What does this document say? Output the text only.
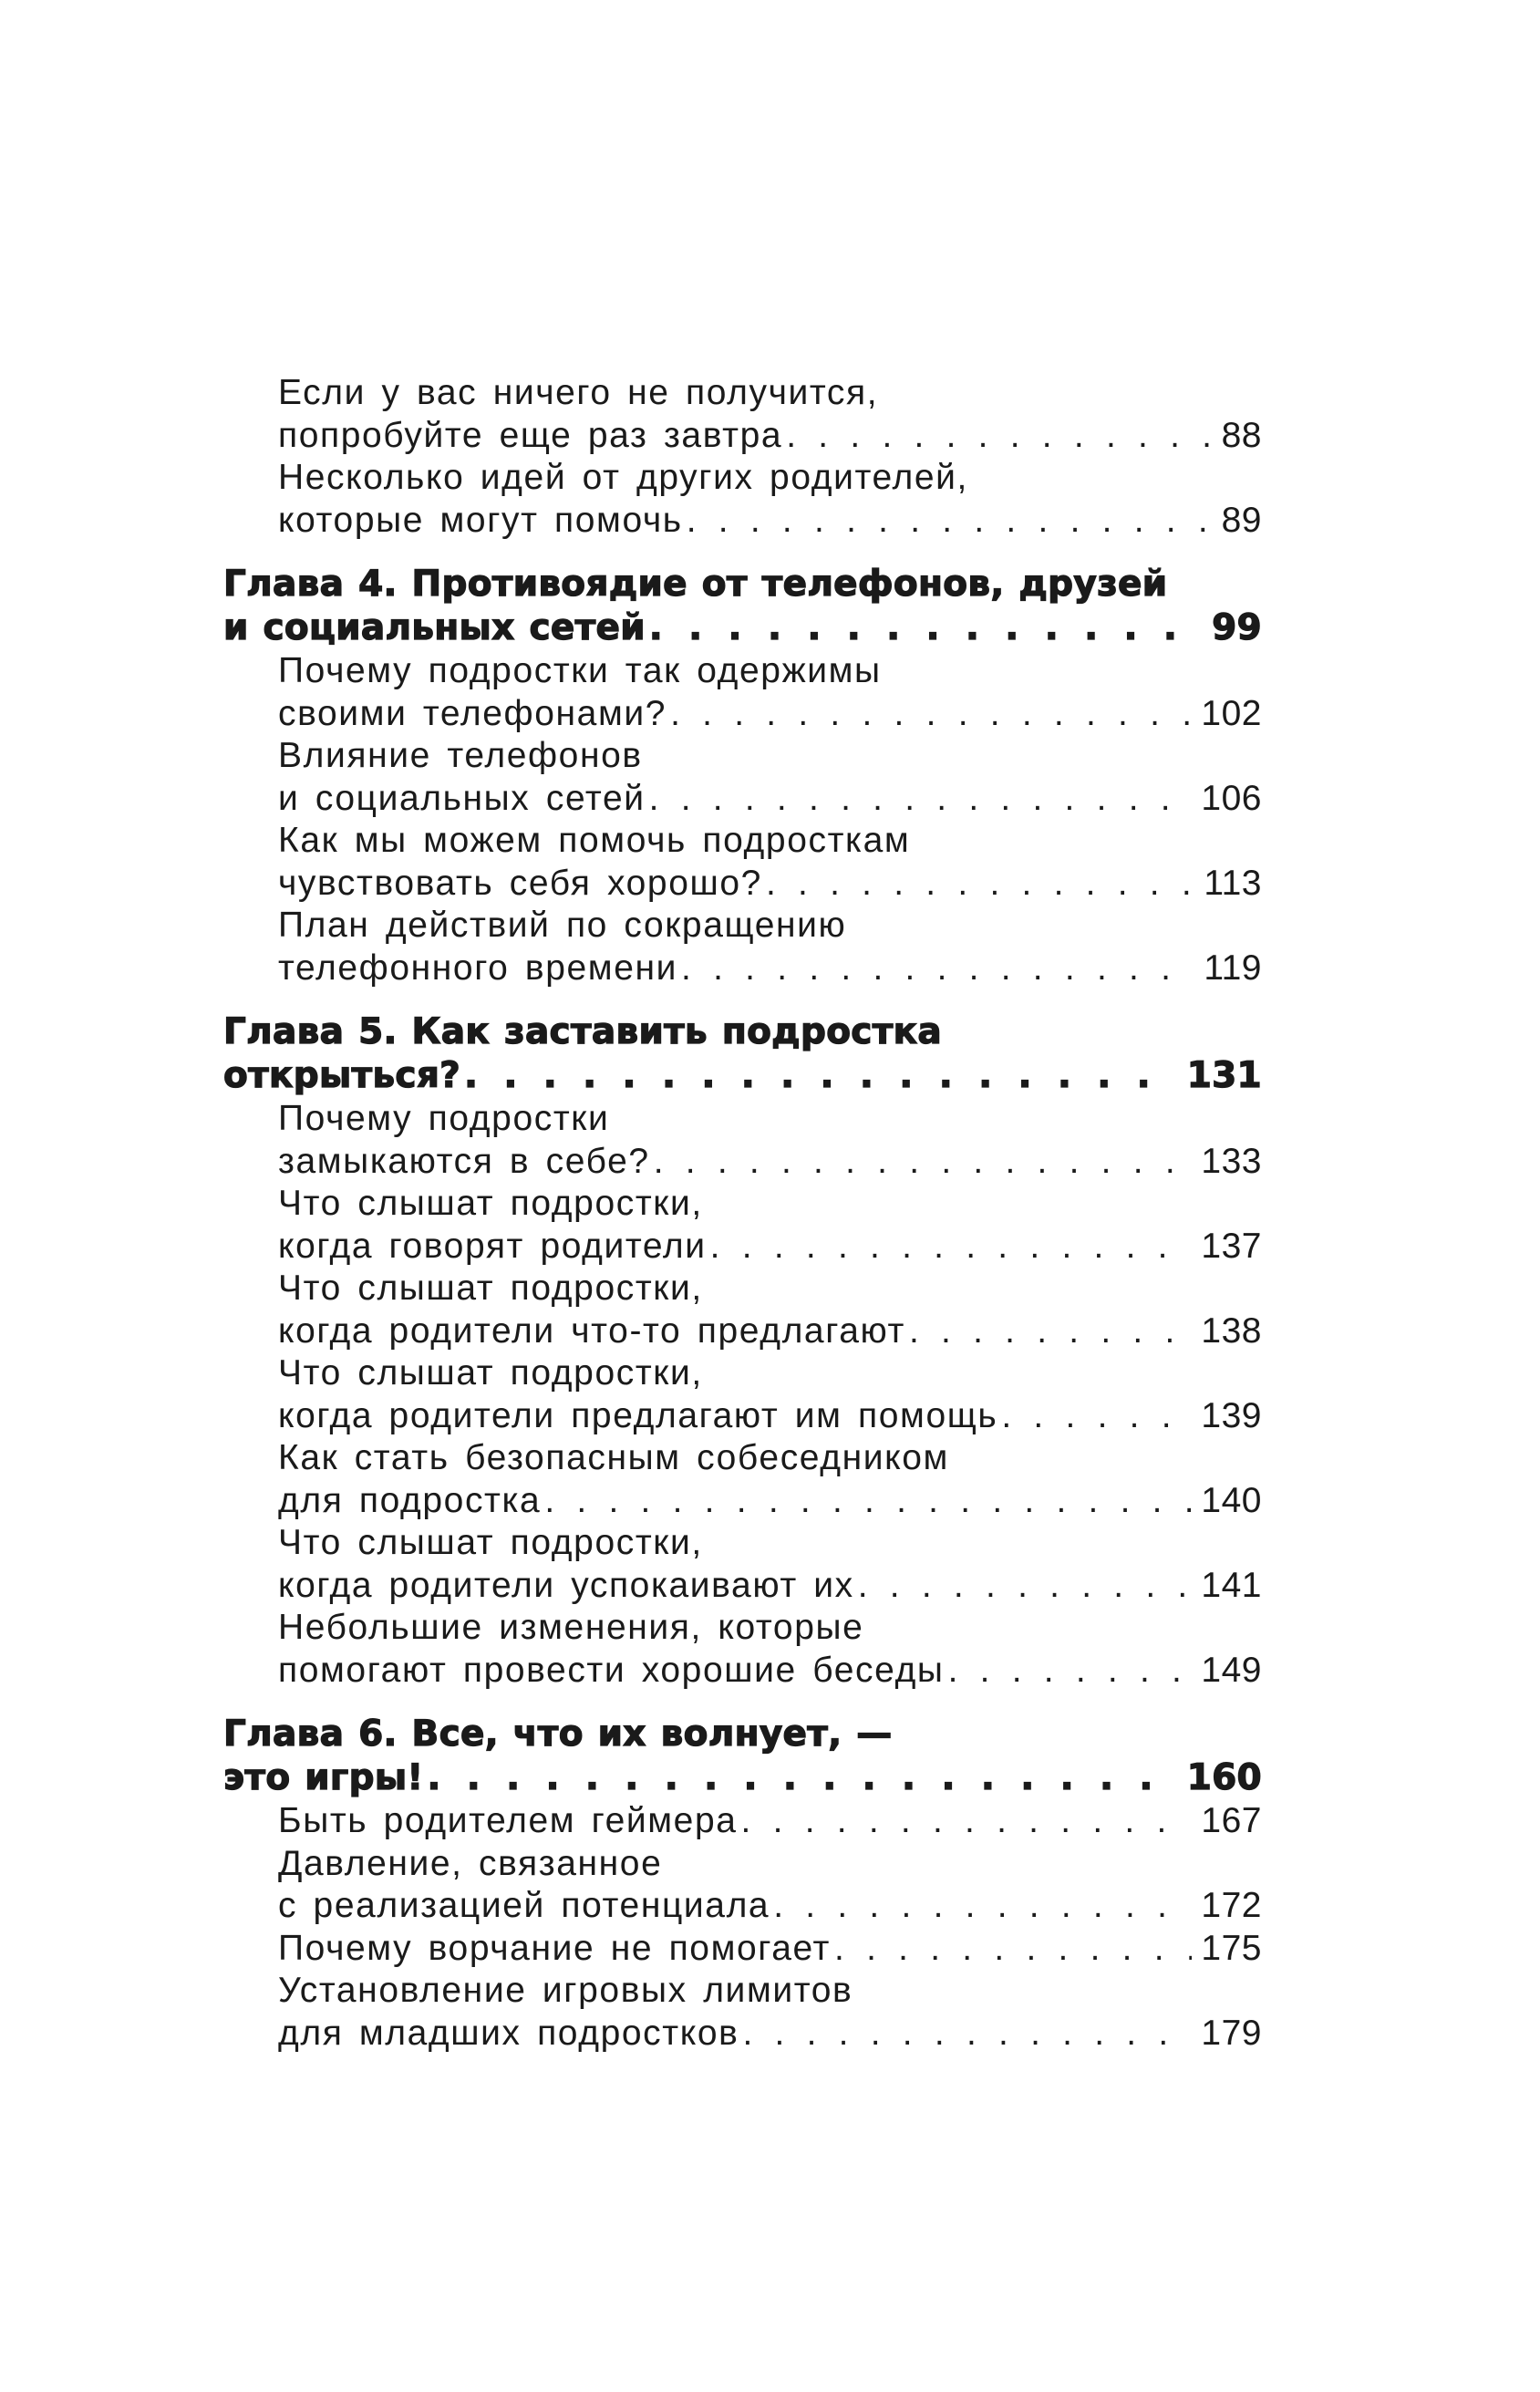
Если у вас ничего не получится,
попробуйте еще раз завтра . . .	88
Несколько идей от других родителей,
которые могут помочь . . .	89
Глава 4. Противоядие от телефонов, друзей
и социальных сетей . . .	99
Почему подростки так одержимы
своими телефонами? . . .	102
Влияние телефонов
и социальных сетей . . .	106
Как мы можем помочь подросткам
чувствовать себя хорошо? . . .	113
План действий по сокращению
телефонного времени . . .	119
Глава 5. Как заставить подростка
открыться? . . .	131
Почему подростки
замыкаются в себе? . . .	133
Что слышат подростки,
когда говорят родители . . .	137
Что слышат подростки,
когда родители что-то предлагают . . .	138
Что слышат подростки,
когда родители предлагают им помощь . . .	139
Как стать безопасным собеседником
для подростка . . .	140
Что слышат подростки,
когда родители успокаивают их . . .	141
Небольшие изменения, которые
помогают провести хорошие беседы . . .	149
Глава 6. Все, что их волнует, —
это игры! . . .	160
Быть родителем геймера . . .	167
Давление, связанное
с реализацией потенциала . . .	172
Почему ворчание не помогает . . .	175
Установление игровых лимитов
для младших подростков . . .	179
